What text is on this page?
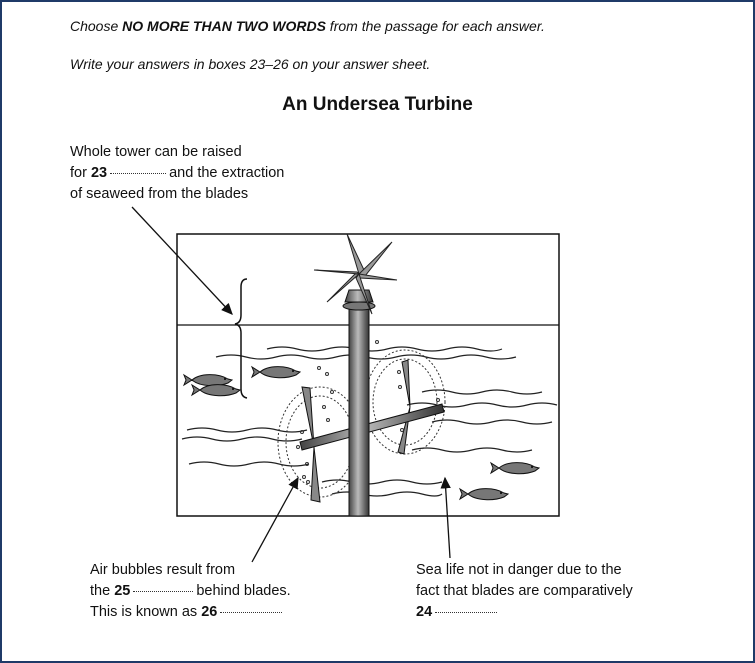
Choose NO MORE THAN TWO WORDS from the passage for each answer.
Write your answers in boxes 23–26 on your answer sheet.
An Undersea Turbine
Whole tower can be raised
for 23	and the extraction
of seaweed from the blades
Air bubbles result from
the 25	behind blades.
This is known as 26
Sea life not in danger due to the
fact that blades are comparatively
24
